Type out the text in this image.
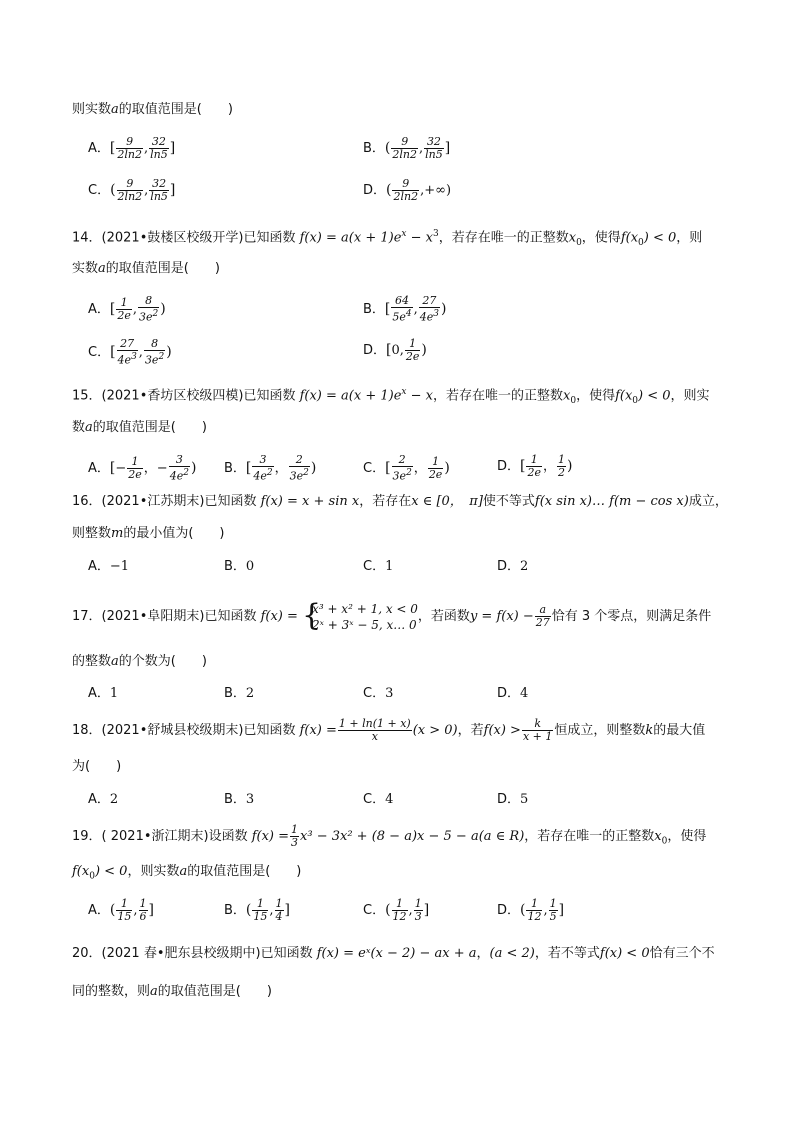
则实数a的取值范围是(　　)
A．[ $\frac{9}{2\ln 2}$ , $\frac{32}{\ln 5}$ ]	B．( $\frac{9}{2\ln 2}$ , $\frac{32}{\ln 5}$ ]
C．( $\frac{9}{2\ln 2}$ , $\frac{32}{\ln 5}$ ]	D．( $\frac{9}{2\ln 2}$ ,+∞)
14．(2021•鼓楼区校级开学)已知函数 $f(x) = a(x + 1)e^x - x^3$，若存在唯一的正整数$x_0$，使得$f(x_0) < 0$，则
实数a的取值范围是(　　)
A．[ $\frac{1}{2e}$ , $\frac{8}{3e^2}$ )	B．[ $\frac{64}{5e^4}$ , $\frac{27}{4e^3}$ )
C．[ $\frac{27}{4e^3}$ , $\frac{8}{3e^2}$ )	D．[0, $\frac{1}{2e}$ )
15．(2021•香坊区校级四模)已知函数 $f(x) = a(x + 1)e^x - x$，若存在唯一的正整数$x_0$，使得$f(x_0) < 0$，则实
数a的取值范围是(　　)
A．[− $\frac{1}{2e}$ ，− $\frac{3}{4e^2}$ ) B．[ $\frac{3}{4e^2}$ ， $\frac{2}{3e^2}$ )	C．[ $\frac{2}{3e^2}$ ， $\frac{1}{2e}$ )	D．[ $\frac{1}{2e}$ ， $\frac{1}{2}$ )
16．(2021•江苏期末)已知函数 f(x) = x + sin x，若存在x ∈ [0，　π]使不等式f(x sin x)… f(m − cos x)成立，
则整数m的最小值为(　　)
A．−1	B．0	C．1	D．2
17．(2021•阜阳期末)已知函数 f(x) = {
x³ + x² + 1, x < 0
2ˣ + 3ˣ − 5, x… 0
，若函数$y = f(x) - \frac{a}{27}$ 恰有 3 个零点，则满足条件
的整数a的个数为(　　)
A．1	B．2	C．3	D．4
18．(2021•舒城县校级期末)已知函数 $f(x) = \frac{1 + \ln(1 + x)}{x} (x > 0)$，若$f(x) > \frac{k}{x + 1}$ 恒成立，则整数k的最大值
为(　　)
A．2	B．3	C．4	D．5
19．( 2021•浙江期末)设函数 $f(x) = \frac{1}{3} x^3 - 3x^2 + (8 - a)x - 5 - a(a$ ∈ R)，若存在唯一的正整数$x_0$，使得
$f(x_0) < 0$，则实数a的取值范围是(　　)
A．( $\frac{1}{15}$ , $\frac{1}{6}$ ]	B．( $\frac{1}{15}$ , $\frac{1}{4}$ ]	C．( $\frac{1}{12}$ , $\frac{1}{3}$ ]	D．( $\frac{1}{12}$ , $\frac{1}{5}$ ]
20．(2021 春•肥东县校级期中)已知函数 f(x) = eˣ(x − 2) − ax + a，(a < 2)，若不等式f(x) < 0恰有三个不
同的整数，则a的取值范围是(　　)
